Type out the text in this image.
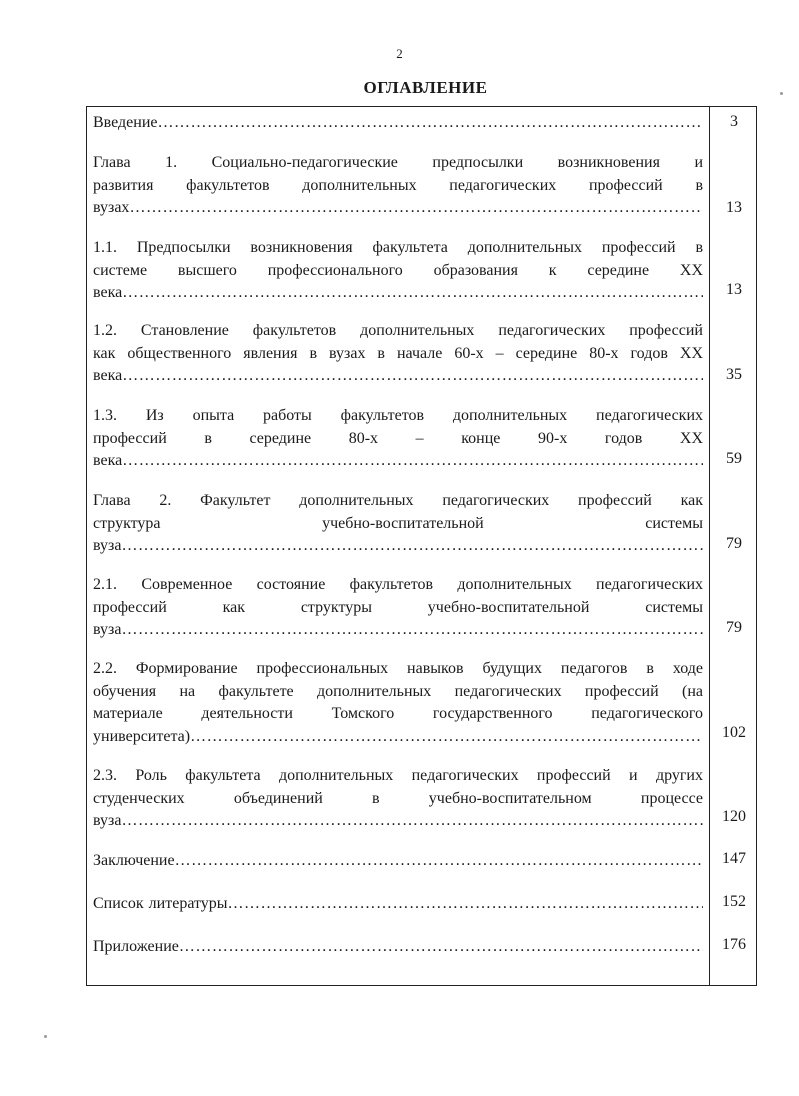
2
ОГЛАВЛЕНИЕ
Введение ………………………………………………………………………………………………………………	3
Глава 1. Социально-педагогические предпосылки возникновения и
развития факультетов дополнительных педагогических профессий в
вузах ………………………………………………………………………………………………………………	13
1.1. Предпосылки возникновения факультета дополнительных профессий в
системе высшего профессионального образования к середине XX
века ………………………………………………………………………………………………………………	13
1.2. Становление факультетов дополнительных педагогических профессий
как общественного явления в вузах в начале 60-х – середине 80-х годов XX
века ………………………………………………………………………………………………………………	35
1.3. Из опыта работы факультетов дополнительных педагогических
профессий в середине 80-х – конце 90-х годов XX
века ………………………………………………………………………………………………………………	59
Глава 2. Факультет дополнительных педагогических профессий как
структура учебно-воспитательной системы
вуза ………………………………………………………………………………………………………………	79
2.1. Современное состояние факультетов дополнительных педагогических
профессий как структуры учебно-воспитательной системы
вуза ………………………………………………………………………………………………………………	79
2.2. Формирование профессиональных навыков будущих педагогов в ходе
обучения на факультете дополнительных педагогических профессий (на
материале деятельности Томского государственного педагогического
университета) ………………………………………………………………………………………………………………	102
2.3. Роль факультета дополнительных педагогических профессий и других
студенческих объединений в учебно-воспитательном процессе
вуза ………………………………………………………………………………………………………………	120
Заключение ………………………………………………………………………………………………………………	147
Список литературы ………………………………………………………………………………………………………………	152
Приложение ………………………………………………………………………………………………………………	176
